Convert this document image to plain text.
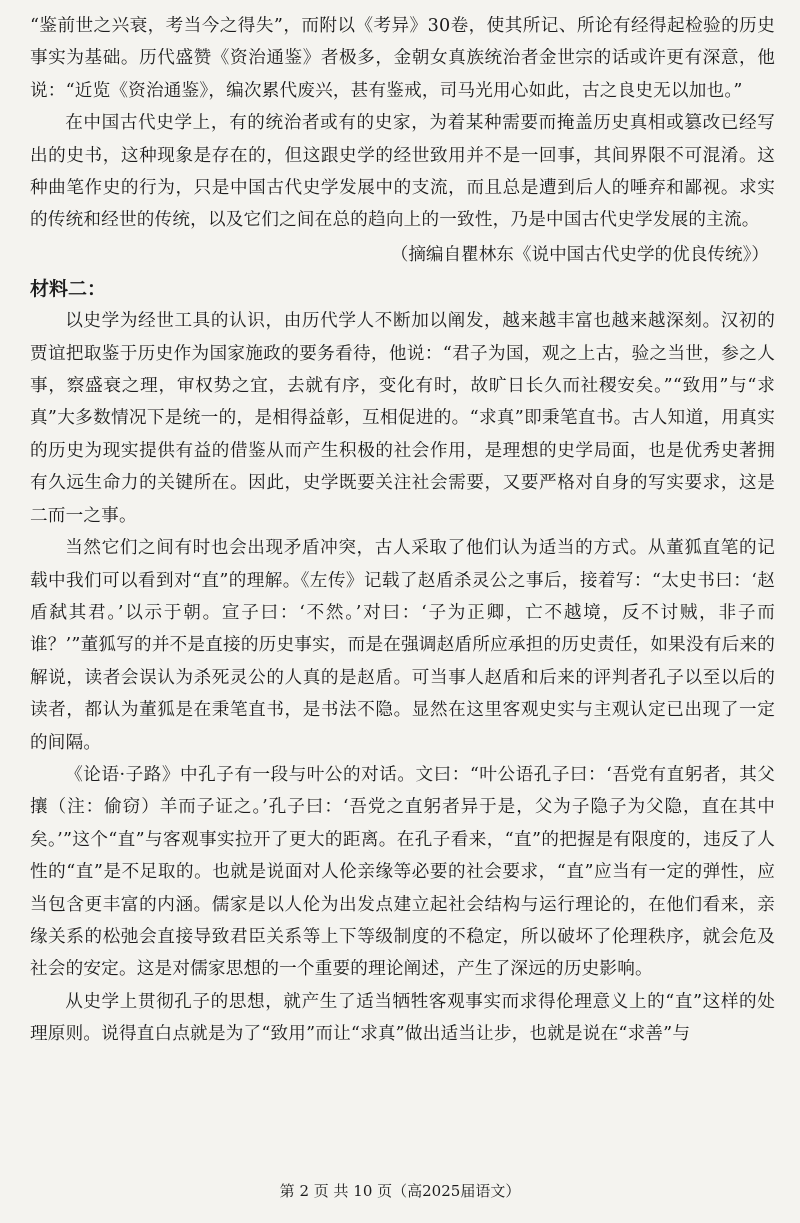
“鉴前世之兴衰，考当今之得失”，而附以《考异》30卷，使其所记、所论有经得起检验的历史事实为基础。历代盛赞《资治通鉴》者极多，金朝女真族统治者金世宗的话或许更有深意，他说：“近览《资治通鉴》，编次累代废兴，甚有鉴戒，司马光用心如此，古之良史无以加也。”

在中国古代史学上，有的统治者或有的史家，为着某种需要而掩盖历史真相或篡改已经写出的史书，这种现象是存在的，但这跟史学的经世致用并不是一回事，其间界限不可混淆。这种曲笔作史的行为，只是中国古代史学发展中的支流，而且总是遭到后人的唾弃和鄙视。求实的传统和经世的传统，以及它们之间在总的趋向上的一致性，乃是中国古代史学发展的主流。

（摘编自瞿林东《说中国古代史学的优良传统》）

材料二：

以史学为经世工具的认识，由历代学人不断加以阐发，越来越丰富也越来越深刻。汉初的贾谊把取鉴于历史作为国家施政的要务看待，他说：“君子为国，观之上古，验之当世，参之人事，察盛衰之理，审权势之宜，去就有序，变化有时，故旷日长久而社稷安矣。”“致用”与“求真”大多数情况下是统一的，是相得益彰，互相促进的。“求真”即秉笔直书。古人知道，用真实的历史为现实提供有益的借鉴从而产生积极的社会作用，是理想的史学局面，也是优秀史著拥有久远生命力的关键所在。因此，史学既要关注社会需要，又要严格对自身的写实要求，这是二而一之事。

当然它们之间有时也会出现矛盾冲突，古人采取了他们认为适当的方式。从董狐直笔的记载中我们可以看到对“直”的理解。《左传》记载了赵盾杀灵公之事后，接着写：“太史书曰：‘赵盾弑其君。’以示于朝。宣子曰：‘不然。’对曰：‘子为正卿，亡不越境，反不讨贼，非子而谁？’”董狐写的并不是直接的历史事实，而是在强调赵盾所应承担的历史责任，如果没有后来的解说，读者会误认为杀死灵公的人真的是赵盾。可当事人赵盾和后来的评判者孔子以至以后的读者，都认为董狐是在秉笔直书，是书法不隐。显然在这里客观史实与主观认定已出现了一定的间隔。

《论语·子路》中孔子有一段与叶公的对话。文曰：“叶公语孔子曰：‘吾党有直躬者，其父攘（注：偷窃）羊而子证之。’孔子曰：‘吾党之直躬者异于是，父为子隐子为父隐，直在其中矣。’”这个“直”与客观事实拉开了更大的距离。在孔子看来，“直”的把握是有限度的，违反了人性的“直”是不足取的。也就是说面对人伦亲缘等必要的社会要求，“直”应当有一定的弹性，应当包含更丰富的内涵。儒家是以人伦为出发点建立起社会结构与运行理论的，在他们看来，亲缘关系的松弛会直接导致君臣关系等上下等级制度的不稳定，所以破坏了伦理秩序，就会危及社会的安定。这是对儒家思想的一个重要的理论阐述，产生了深远的历史影响。

从史学上贯彻孔子的思想，就产生了适当牺牲客观事实而求得伦理意义上的“直”这样的处理原则。说得直白点就是为了“致用”而让“求真”做出适当让步，也就是说在“求善”与

第 2 页 共 10 页（高2025届语文）
